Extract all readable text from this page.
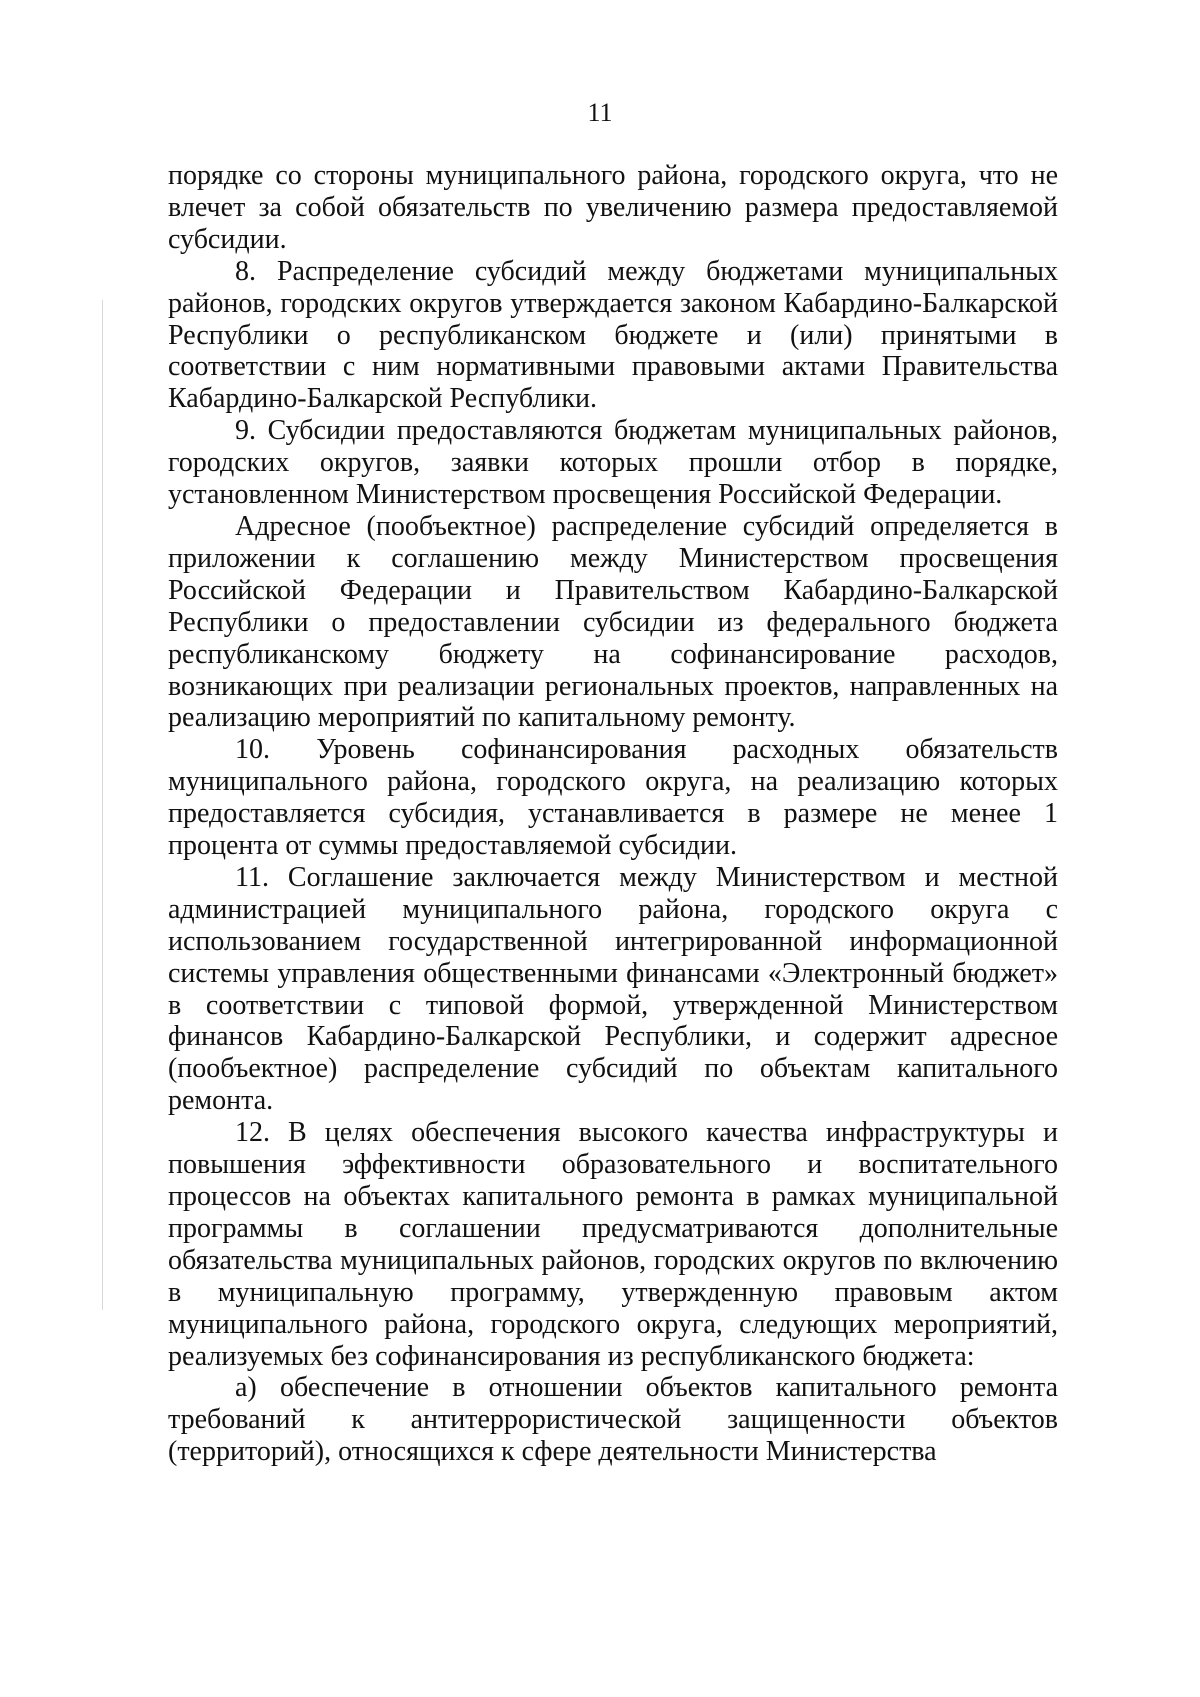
11

порядке со стороны муниципального района, городского округа, что не влечет за собой обязательств по увеличению размера предоставляемой субсидии.

8. Распределение субсидий между бюджетами муниципальных районов, городских округов утверждается законом Кабардино-Балкарской Республики о республиканском бюджете и (или) принятыми в соответствии с ним нормативными правовыми актами Правительства Кабардино-Балкарской Республики.

9. Субсидии предоставляются бюджетам муниципальных районов, городских округов, заявки которых прошли отбор в порядке, установленном Министерством просвещения Российской Федерации.

Адресное (пообъектное) распределение субсидий определяется в приложении к соглашению между Министерством просвещения Российской Федерации и Правительством Кабардино-Балкарской Республики о предоставлении субсидии из федерального бюджета республиканскому бюджету на софинансирование расходов, возникающих при реализации региональных проектов, направленных на реализацию мероприятий по капитальному ремонту.

10. Уровень софинансирования расходных обязательств муниципального района, городского округа, на реализацию которых предоставляется субсидия, устанавливается в размере не менее 1 процента от суммы предоставляемой субсидии.

11. Соглашение заключается между Министерством и местной администрацией муниципального района, городского округа с использованием государственной интегрированной информационной системы управления общественными финансами «Электронный бюджет» в соответствии с типовой формой, утвержденной Министерством финансов Кабардино-Балкарской Республики, и содержит адресное (пообъектное) распределение субсидий по объектам капитального ремонта.

12. В целях обеспечения высокого качества инфраструктуры и повышения эффективности образовательного и воспитательного процессов на объектах капитального ремонта в рамках муниципальной программы в соглашении предусматриваются дополнительные обязательства муниципальных районов, городских округов по включению в муниципальную программу, утвержденную правовым актом муниципального района, городского округа, следующих мероприятий, реализуемых без софинансирования из республиканского бюджета:

а) обеспечение в отношении объектов капитального ремонта требований к антитеррористической защищенности объектов (территорий), относящихся к сфере деятельности Министерства
